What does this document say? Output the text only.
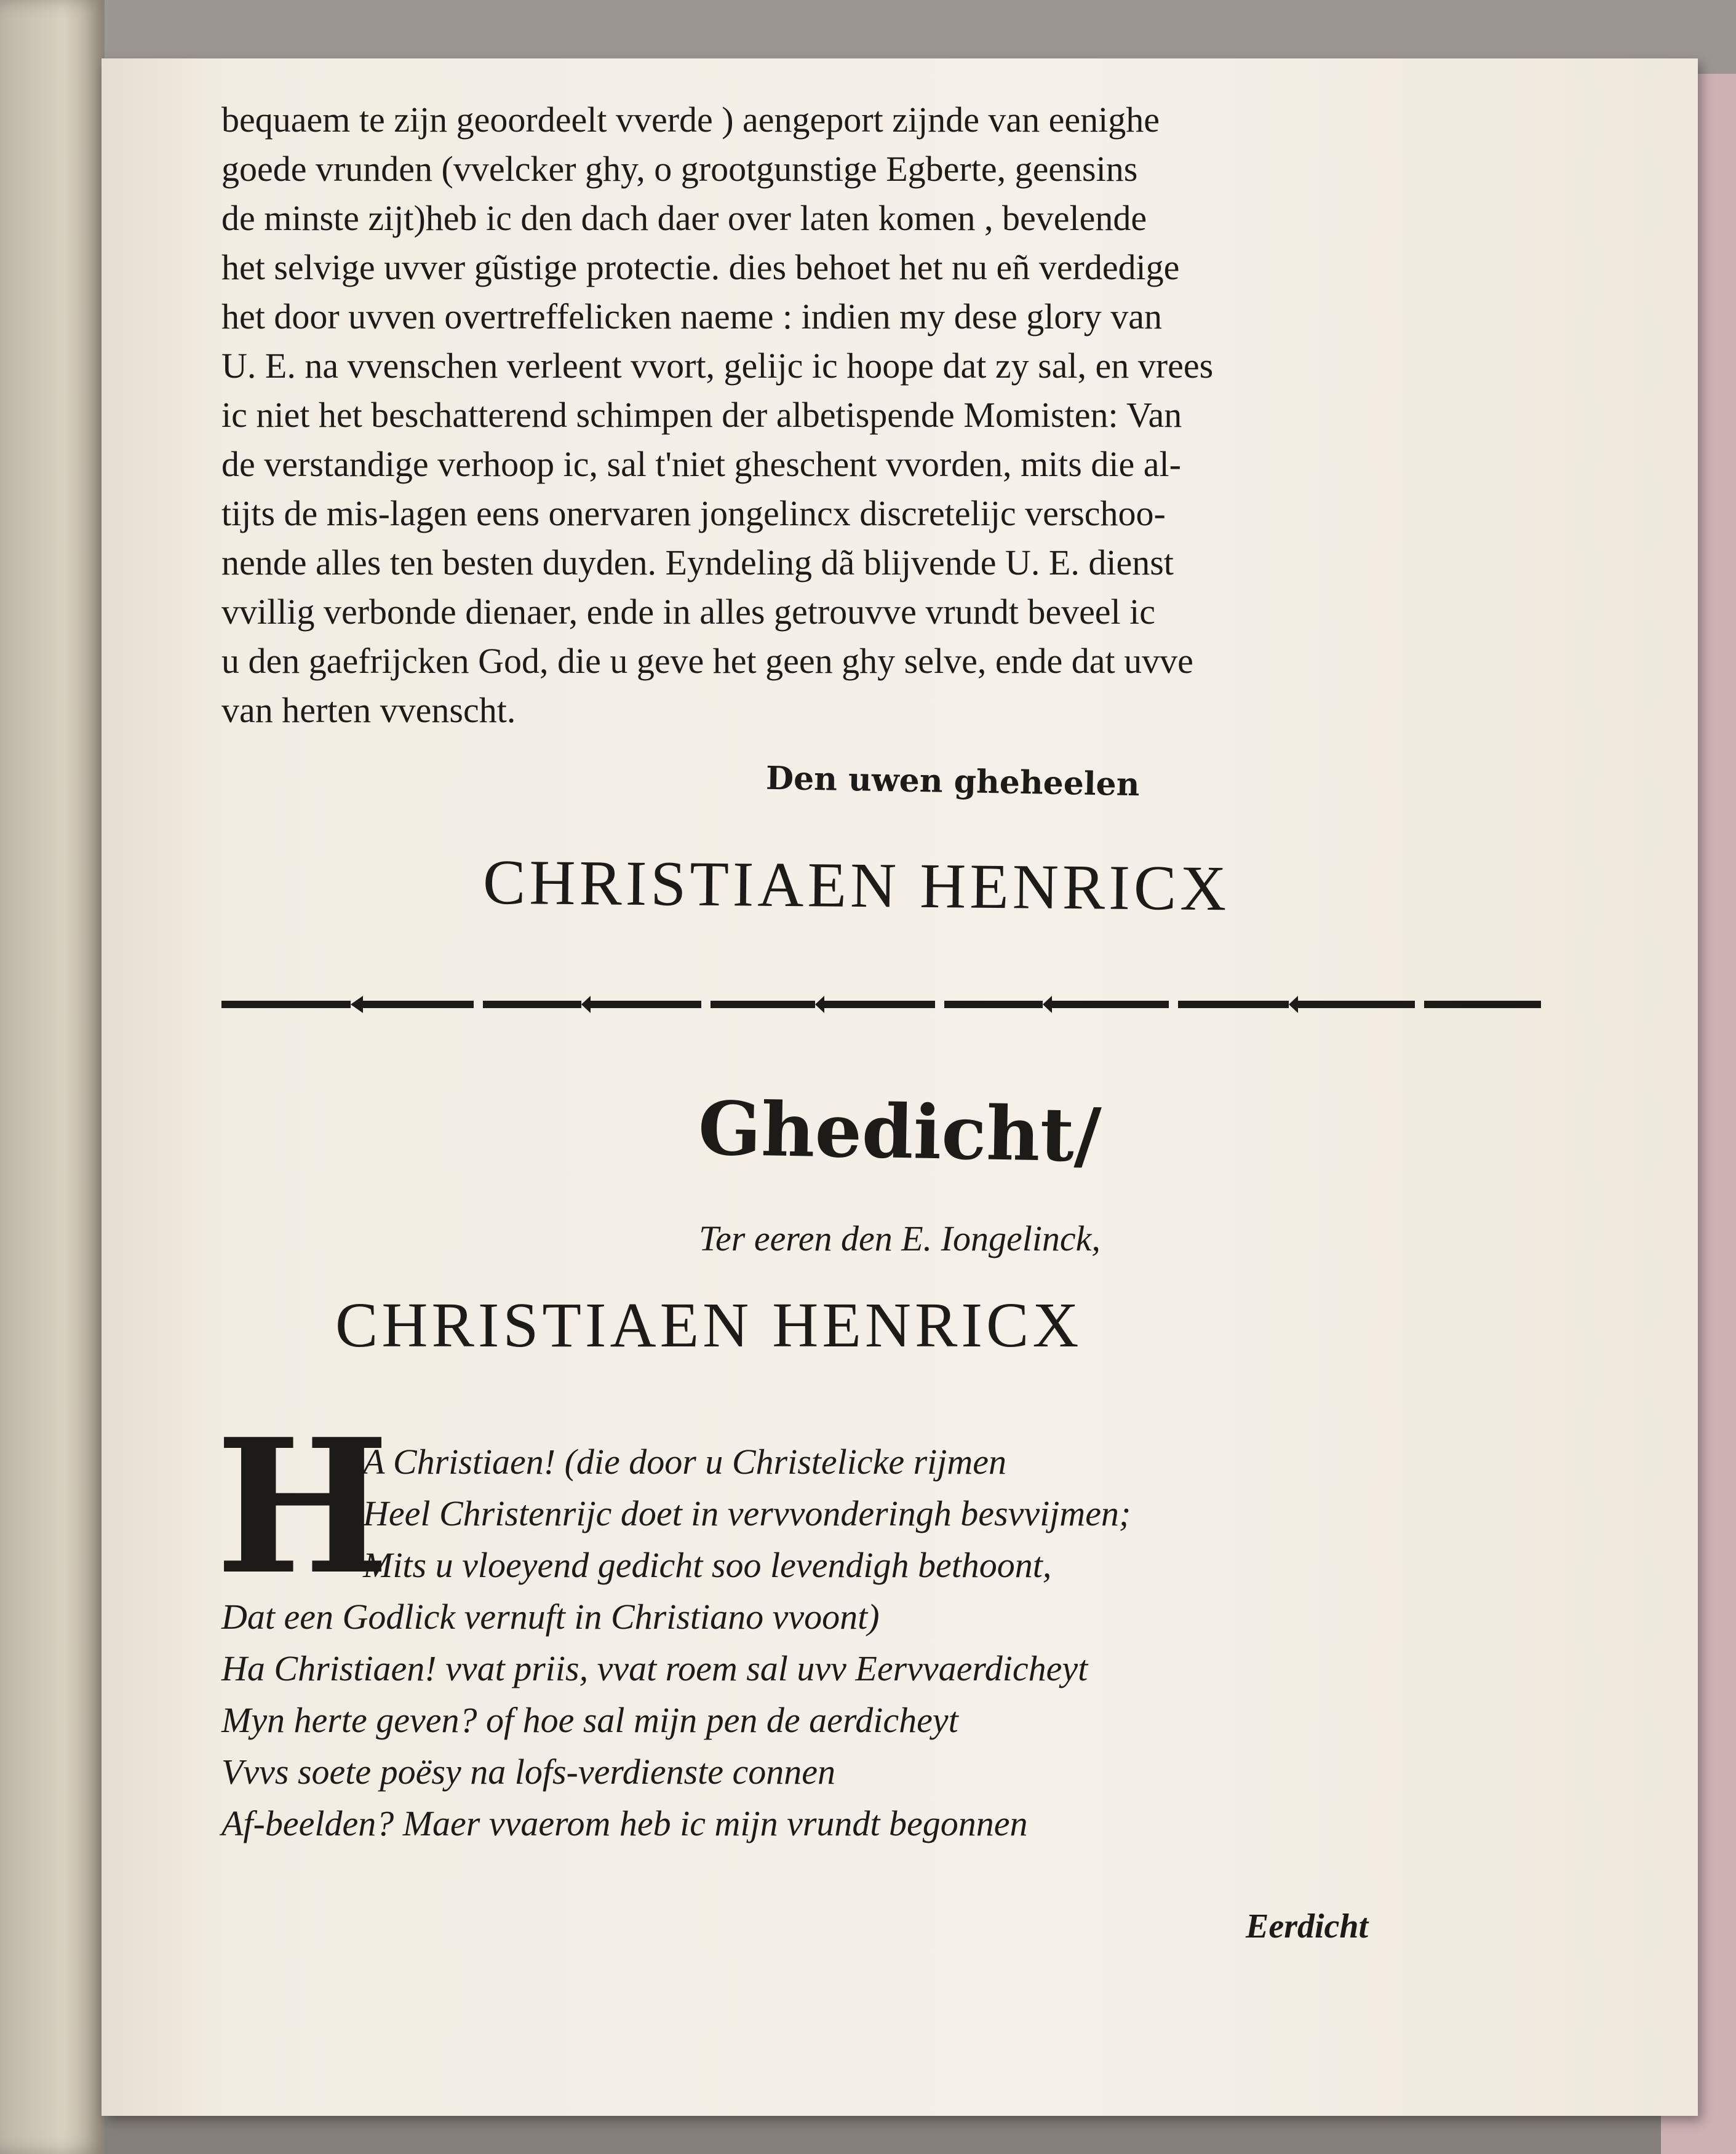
bequaem te zijn geoordeelt vverde ) aengeport zijnde van eenighe
goede vrunden (vvelcker ghy, o grootgunstige Egberte, geensins
de minste zijt)heb ic den dach daer over laten komen , bevelende
het selvige uvver gũstige protectie. dies behoet het nu eñ verdedige
het door uvven overtreffelicken naeme : indien my dese glory van
U. E. na vvenschen verleent vvort, gelijc ic hoope dat zy sal, en vrees
ic niet het beschatterend schimpen der albetispende Momisten: Van
de verstandige verhoop ic, sal t'niet gheschent vvorden, mits die al-
tijts de mis-lagen eens onervaren jongelincx discretelijc verschoo-
nende alles ten besten duyden. Eyndeling dã blijvende U. E. dienst
vvillig verbonde dienaer, ende in alles getrouvve vrundt beveel ic
u den gaefrijcken God, die u geve het geen ghy selve, ende dat uvve
van herten vvenscht.
Den uwen gheheelen
CHRISTIAEN HENRICX
Ghedicht/
Ter eeren den E. Iongelinck,
CHRISTIAEN HENRICX
H
A Christiaen! (die door u Christelicke rijmen
Heel Christenrijc doet in vervvonderingh besvvijmen;
Mits u vloeyend gedicht soo levendigh bethoont,
Dat een Godlick vernuft in Christiano vvoont)
Ha Christiaen! vvat priis, vvat roem sal uvv Eervvaerdicheyt
Myn herte geven? of hoe sal mijn pen de aerdicheyt
Vvvs soete poësy na lofs-verdienste connen
Af-beelden? Maer vvaerom heb ic mijn vrundt begonnen
Eerdicht
